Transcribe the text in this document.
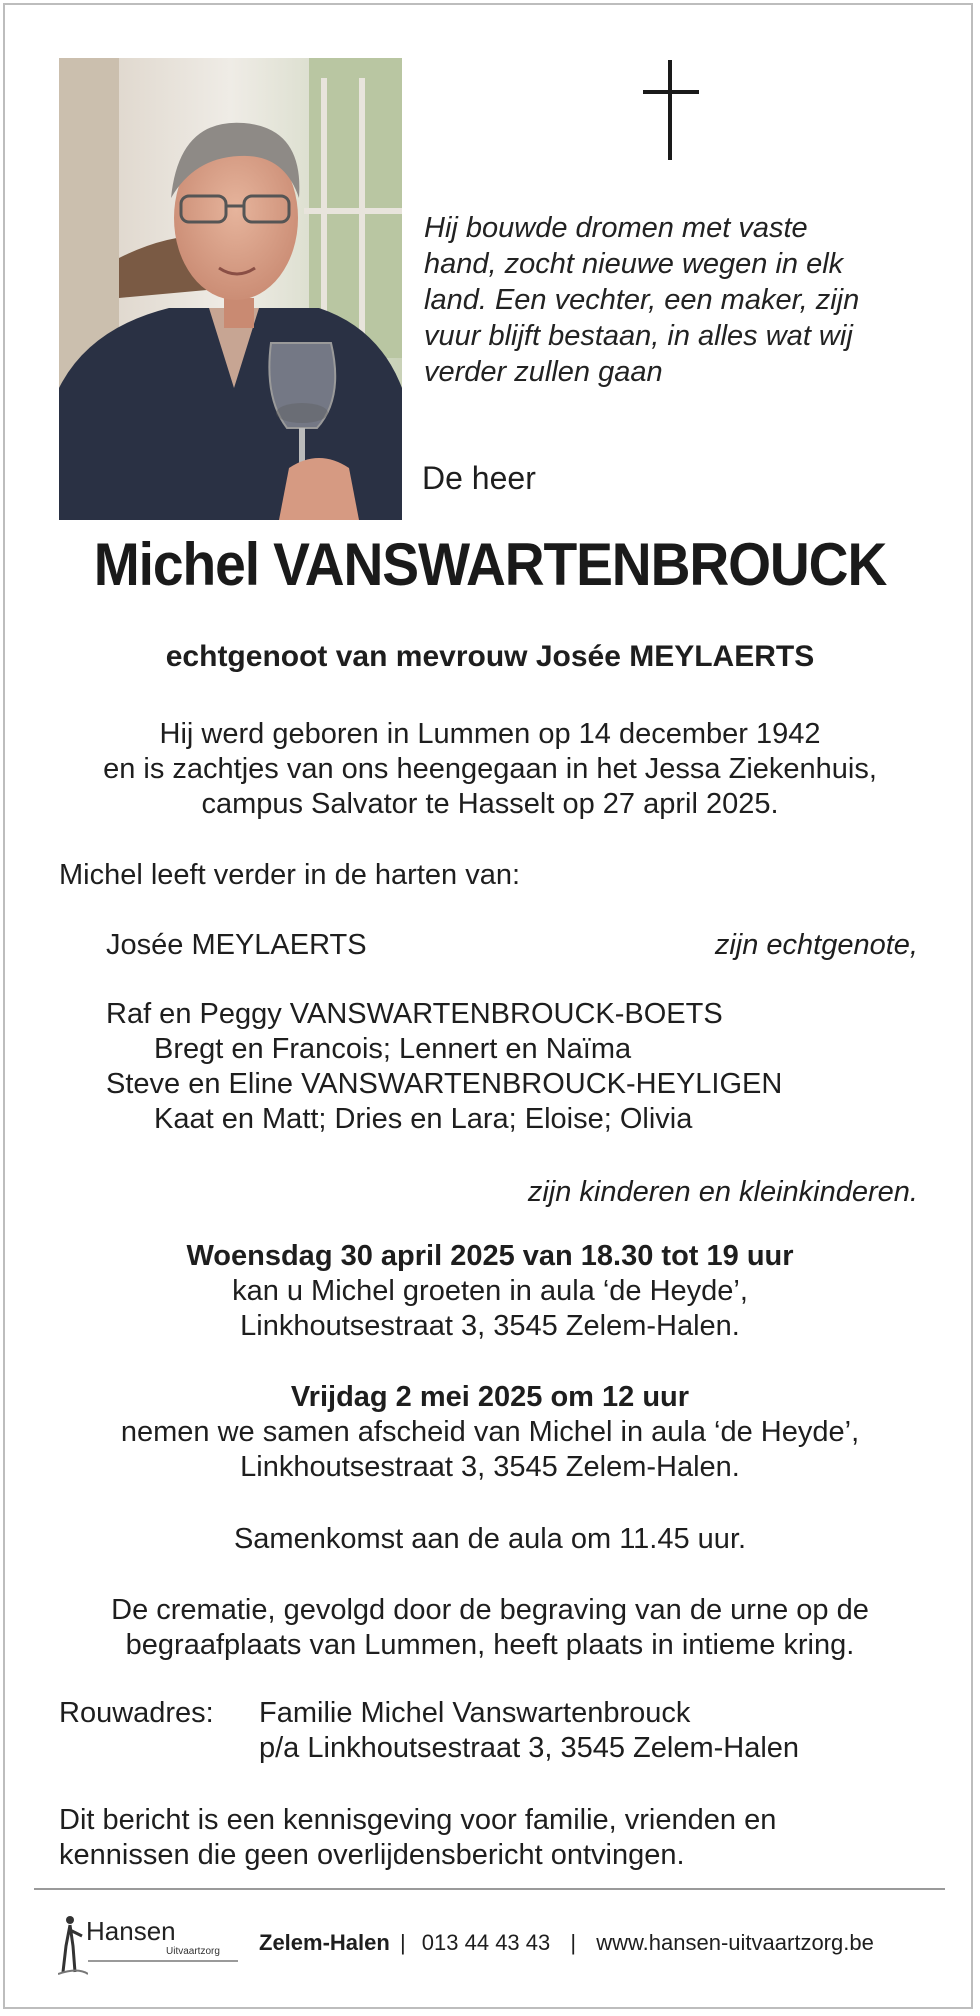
Hij bouwde dromen met vaste
hand, zocht nieuwe wegen in elk
land. Een vechter, een maker, zijn
vuur blijft bestaan, in alles wat wij
verder zullen gaan
De heer
Michel VANSWARTENBROUCK
echtgenoot van mevrouw Josée MEYLAERTS
Hij werd geboren in Lummen op 14 december 1942
en is zachtjes van ons heengegaan in het Jessa Ziekenhuis,
campus Salvator te Hasselt op 27 april 2025.
Michel leeft verder in de harten van:
Josée MEYLAERTS	zijn echtgenote,
Raf en Peggy VANSWARTENBROUCK-BOETS
Bregt en Francois; Lennert en Naïma
Steve en Eline VANSWARTENBROUCK-HEYLIGEN
Kaat en Matt; Dries en Lara; Eloise; Olivia
zijn kinderen en kleinkinderen.
Woensdag 30 april 2025 van 18.30 tot 19 uur
kan u Michel groeten in aula ‘de Heyde’,
Linkhoutsestraat 3, 3545 Zelem-Halen.
Vrijdag 2 mei 2025 om 12 uur
nemen we samen afscheid van Michel in aula ‘de Heyde’,
Linkhoutsestraat 3, 3545 Zelem-Halen.
Samenkomst aan de aula om 11.45 uur.
De crematie, gevolgd door de begraving van de urne op de
begraafplaats van Lummen, heeft plaats in intieme kring.
Rouwadres: Familie Michel Vanswartenbrouck
p/a Linkhoutsestraat 3, 3545 Zelem-Halen
Dit bericht is een kennisgeving voor familie, vrienden en
kennissen die geen overlijdensbericht ontvingen.
Hansen
Uitvaartzorg Zelem-Halen | 013 44 43 43 | www.hansen-uitvaartzorg.be
